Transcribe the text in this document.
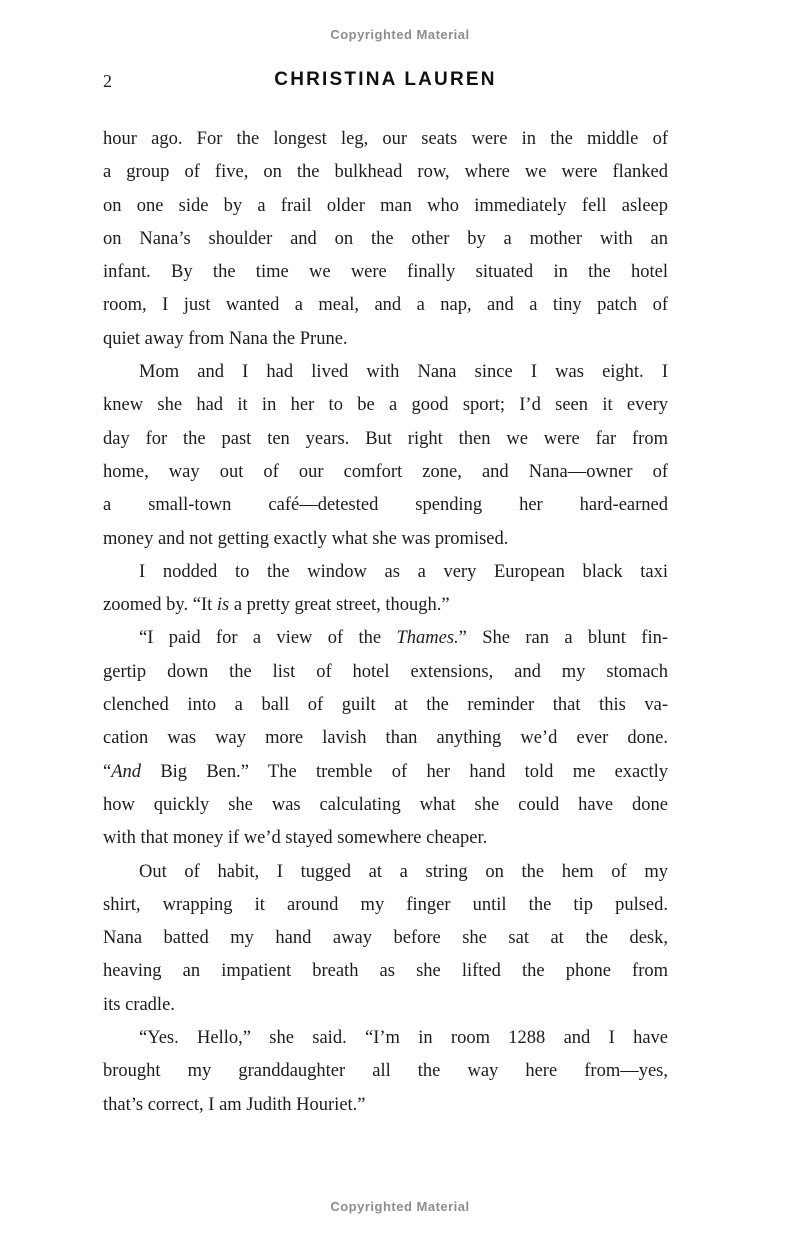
Copyrighted Material
2	CHRISTINA LAUREN
hour ago. For the longest leg, our seats were in the middle of
a group of five, on the bulkhead row, where we were flanked
on one side by a frail older man who immediately fell asleep
on Nana’s shoulder and on the other by a mother with an
infant. By the time we were finally situated in the hotel
room, I just wanted a meal, and a nap, and a tiny patch of
quiet away from Nana the Prune.
Mom and I had lived with Nana since I was eight. I
knew she had it in her to be a good sport; I’d seen it every
day for the past ten years. But right then we were far from
home, way out of our comfort zone, and Nana—owner of
a small-town café—detested spending her hard-earned
money and not getting exactly what she was promised.
I nodded to the window as a very European black taxi
zoomed by. “It is a pretty great street, though.”
“I paid for a view of the Thames.” She ran a blunt fin-
gertip down the list of hotel extensions, and my stomach
clenched into a ball of guilt at the reminder that this va-
cation was way more lavish than anything we’d ever done.
“And Big Ben.” The tremble of her hand told me exactly
how quickly she was calculating what she could have done
with that money if we’d stayed somewhere cheaper.
Out of habit, I tugged at a string on the hem of my
shirt, wrapping it around my finger until the tip pulsed.
Nana batted my hand away before she sat at the desk,
heaving an impatient breath as she lifted the phone from
its cradle.
“Yes. Hello,” she said. “I’m in room 1288 and I have
brought my granddaughter all the way here from—yes,
that’s correct, I am Judith Houriet.”
Copyrighted Material
